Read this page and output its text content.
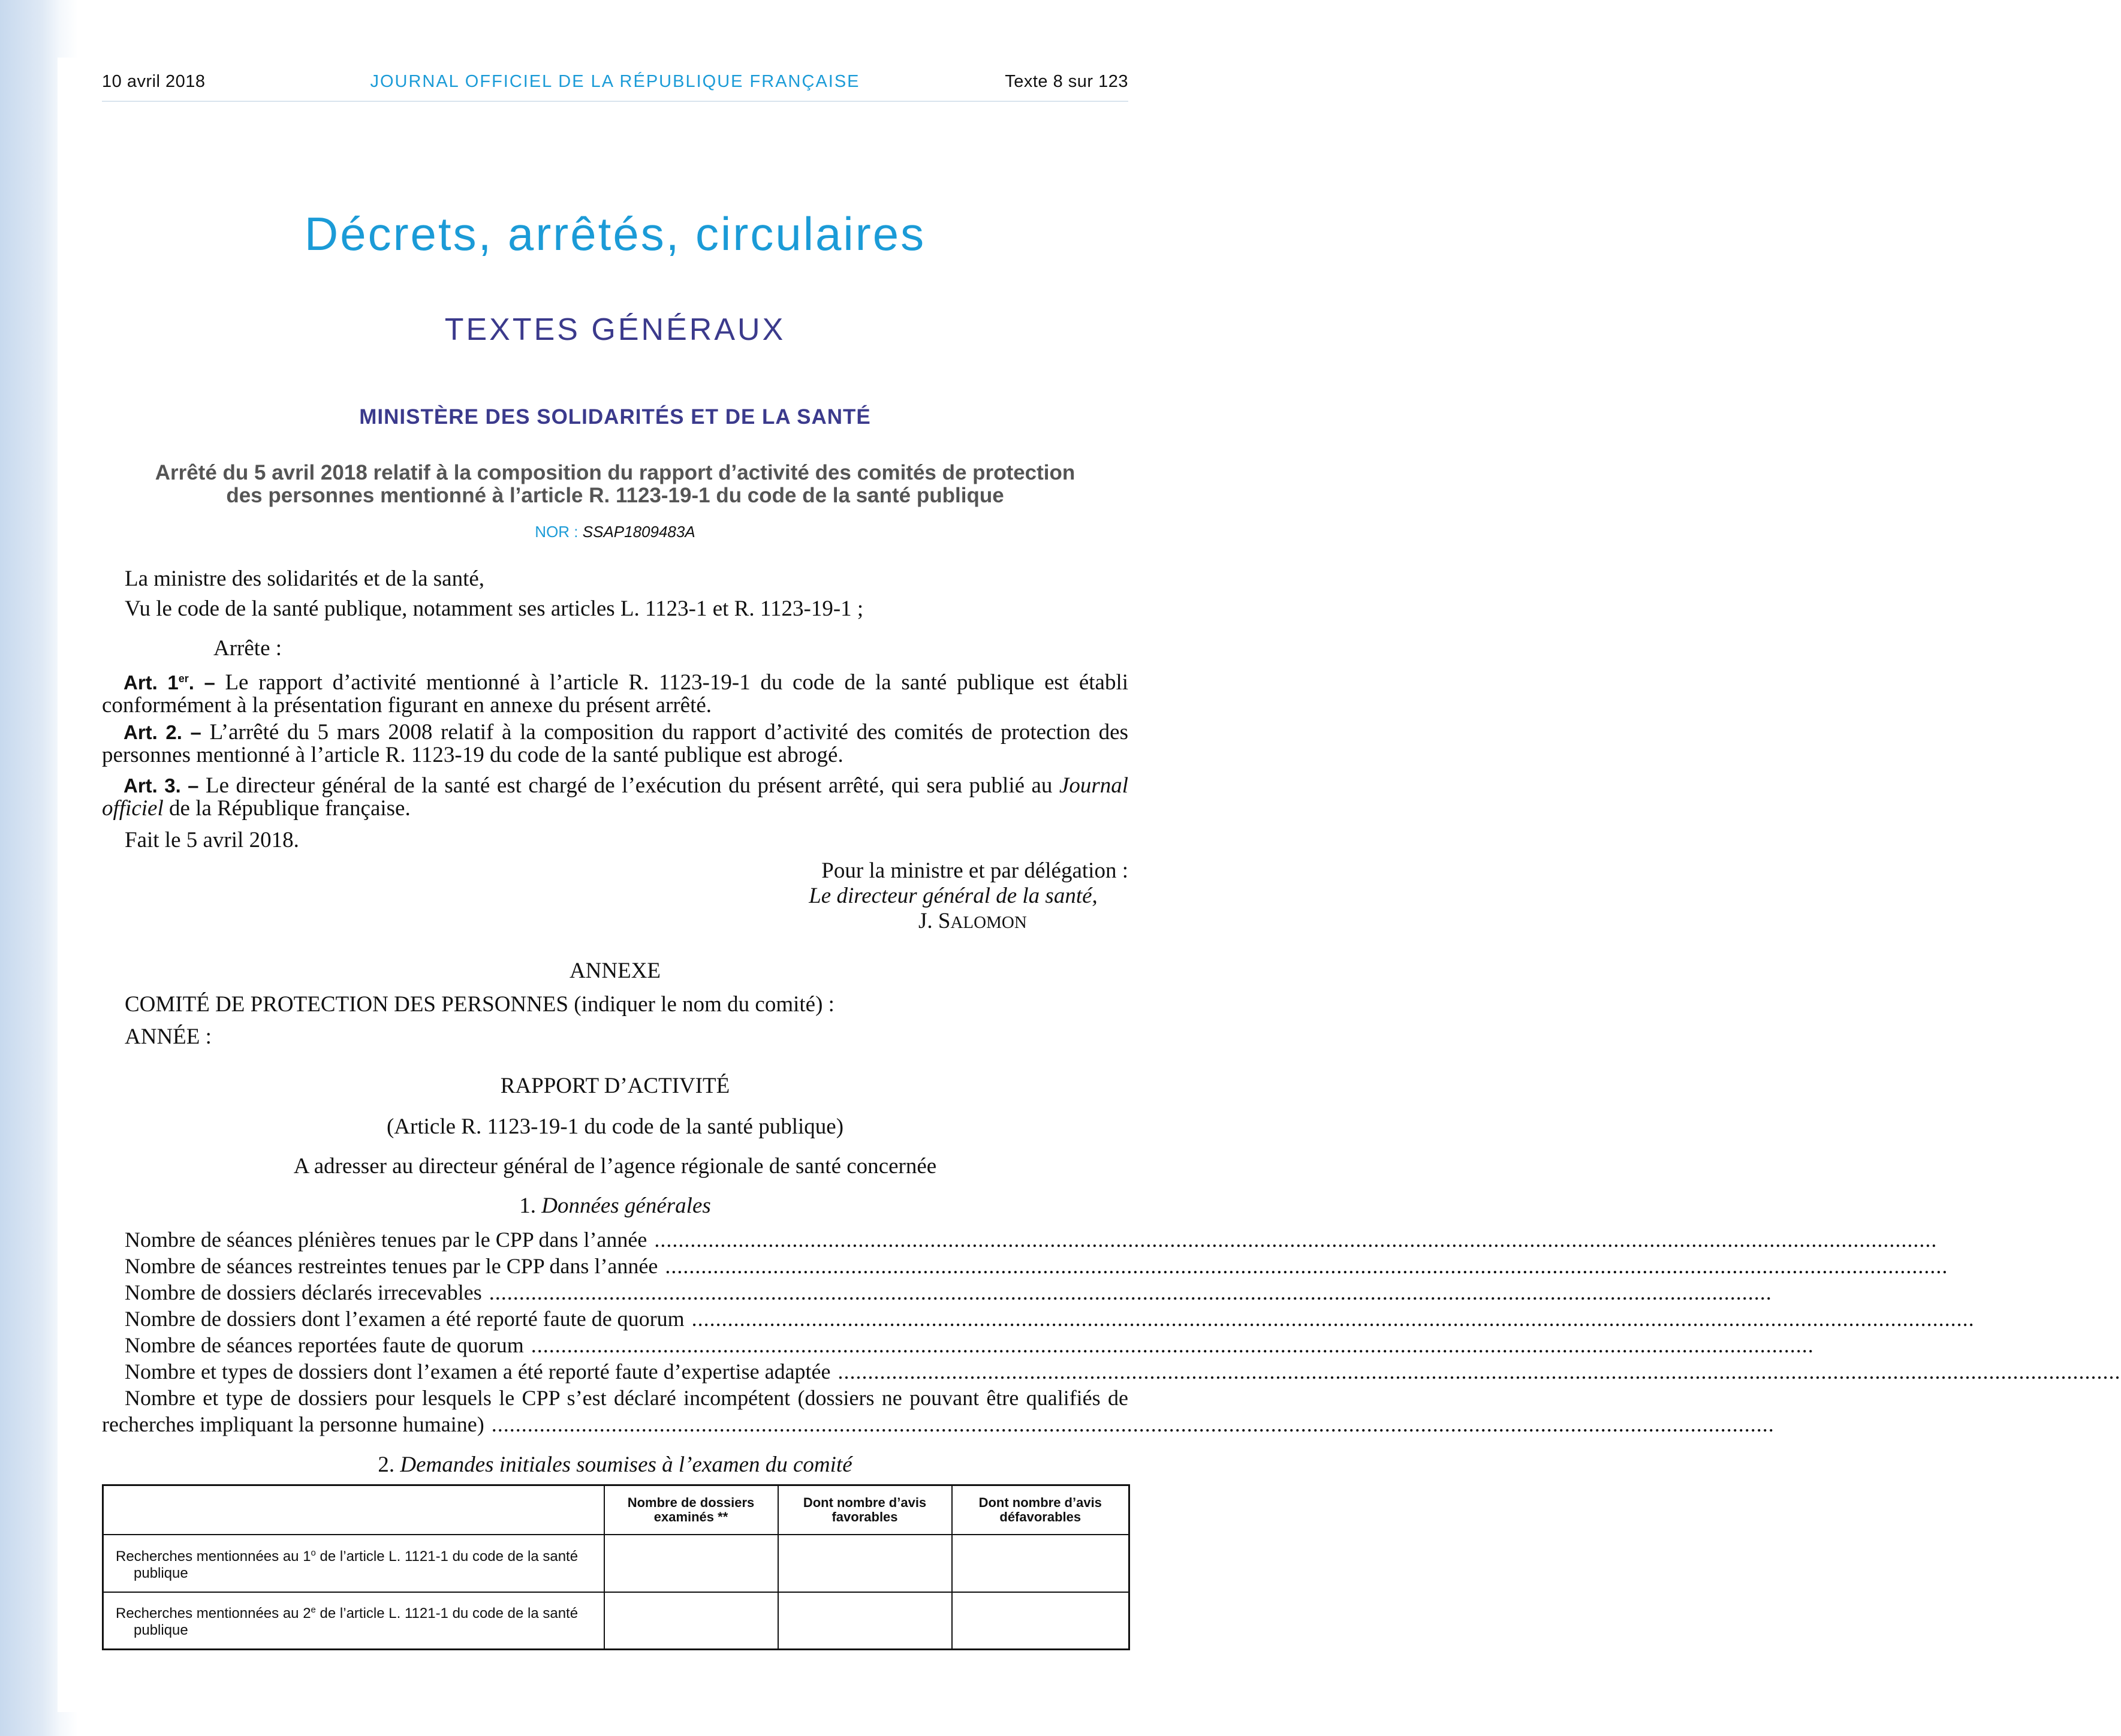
10 avril 2018	JOURNAL OFFICIEL DE LA RÉPUBLIQUE FRANÇAISE	Texte 8 sur 123
Décrets, arrêtés, circulaires
TEXTES GÉNÉRAUX
MINISTÈRE DES SOLIDARITÉS ET DE LA SANTÉ
Arrêté du 5 avril 2018 relatif à la composition du rapport d’activité des comités de protection
des personnes mentionné à l’article R. 1123-19-1 du code de la santé publique
NOR : SSAP1809483A
La ministre des solidarités et de la santé,
Vu le code de la santé publique, notamment ses articles L. 1123-1 et R. 1123-19-1 ;
Arrête :
Art. 1er. – Le rapport d’activité mentionné à l’article R. 1123-19-1 du code de la santé publique est établi conformément à la présentation figurant en annexe du présent arrêté.
Art. 2. – L’arrêté du 5 mars 2008 relatif à la composition du rapport d’activité des comités de protection des personnes mentionné à l’article R. 1123-19 du code de la santé publique est abrogé.
Art. 3. – Le directeur général de la santé est chargé de l’exécution du présent arrêté, qui sera publié au Journal officiel de la République française.
Fait le 5 avril 2018.
Pour la ministre et par délégation :
Le directeur général de la santé,
J. SALOMON
ANNEXE
COMITÉ DE PROTECTION DES PERSONNES (indiquer le nom du comité) :
ANNÉE :
RAPPORT D’ACTIVITÉ
(Article R. 1123-19-1 du code de la santé publique)
A adresser au directeur général de l’agence régionale de santé concernée
1. Données générales
Nombre de séances plénières tenues par le CPP dans l’année ......................................................................................................................................................................................................................
Nombre de séances restreintes tenues par le CPP dans l’année ......................................................................................................................................................................................................................
Nombre de dossiers déclarés irrecevables ......................................................................................................................................................................................................................
Nombre de dossiers dont l’examen a été reporté faute de quorum ......................................................................................................................................................................................................................
Nombre de séances reportées faute de quorum ......................................................................................................................................................................................................................
Nombre et types de dossiers dont l’examen a été reporté faute d’expertise adaptée ......................................................................................................................................................................................................................
Nombre et type de dossiers pour lesquels le CPP s’est déclaré incompétent (dossiers ne pouvant être qualifiés de
recherches impliquant la personne humaine) ......................................................................................................................................................................................................................
2. Demandes initiales soumises à l’examen du comité
	Nombre de dossiers examinés **	Dont nombre d’avis favorables	Dont nombre d’avis défavorables
Recherches mentionnées au 1$^o$ de l’article L. 1121-1 du code de la santé
publique			

Recherches mentionnées au 2e de l’article L. 1121-1 du code de la santé
publique			
